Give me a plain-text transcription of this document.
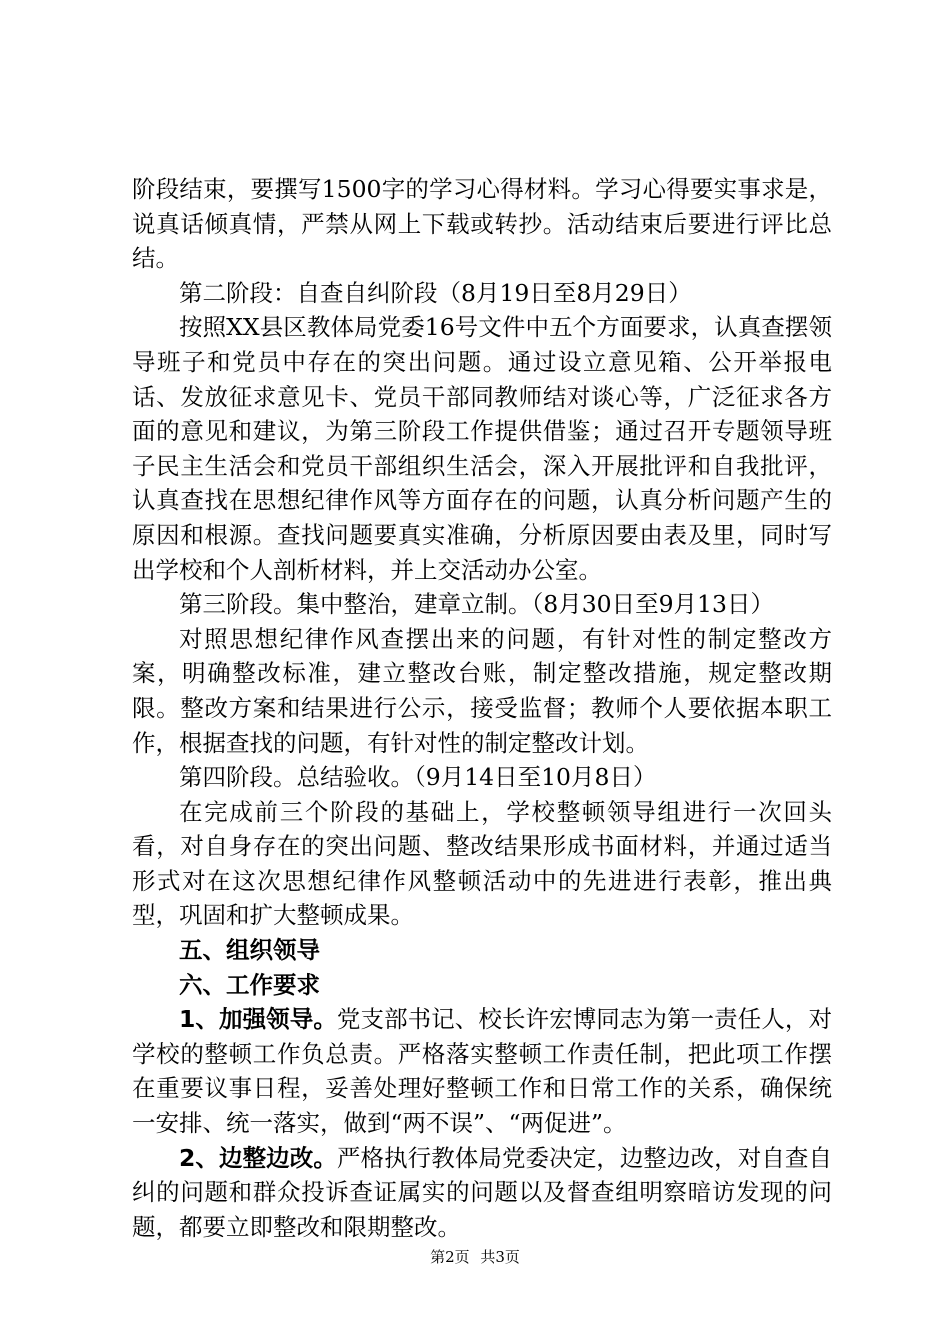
阶段结束，要撰写1500字的学习心得材料。学习心得要实事求是，说真话倾真情，严禁从网上下载或转抄。活动结束后要进行评比总结。

第二阶段：自查自纠阶段（8月19日至8月29日）

按照XX县区教体局党委16号文件中五个方面要求，认真查摆领导班子和党员中存在的突出问题。通过设立意见箱、公开举报电话、发放征求意见卡、党员干部同教师结对谈心等，广泛征求各方面的意见和建议，为第三阶段工作提供借鉴；通过召开专题领导班子民主生活会和党员干部组织生活会，深入开展批评和自我批评，认真查找在思想纪律作风等方面存在的问题，认真分析问题产生的原因和根源。查找问题要真实准确，分析原因要由表及里，同时写出学校和个人剖析材料，并上交活动办公室。

第三阶段。集中整治，建章立制。（8月30日至9月13日）

对照思想纪律作风查摆出来的问题，有针对性的制定整改方案，明确整改标准，建立整改台账，制定整改措施，规定整改期限。整改方案和结果进行公示，接受监督；教师个人要依据本职工作，根据查找的问题，有针对性的制定整改计划。

第四阶段。总结验收。（9月14日至10月8日）

在完成前三个阶段的基础上，学校整顿领导组进行一次回头看，对自身存在的突出问题、整改结果形成书面材料，并通过适当形式对在这次思想纪律作风整顿活动中的先进进行表彰，推出典型，巩固和扩大整顿成果。

五、组织领导

六、工作要求

1、加强领导。党支部书记、校长许宏博同志为第一责任人，对学校的整顿工作负总责。严格落实整顿工作责任制，把此项工作摆在重要议事日程，妥善处理好整顿工作和日常工作的关系，确保统一安排、统一落实，做到“两不误”、“两促进”。

2、边整边改。严格执行教体局党委决定，边整边改，对自查自纠的问题和群众投诉查证属实的问题以及督查组明察暗访发现的问题，都要立即整改和限期整改。

第2页 共3页
